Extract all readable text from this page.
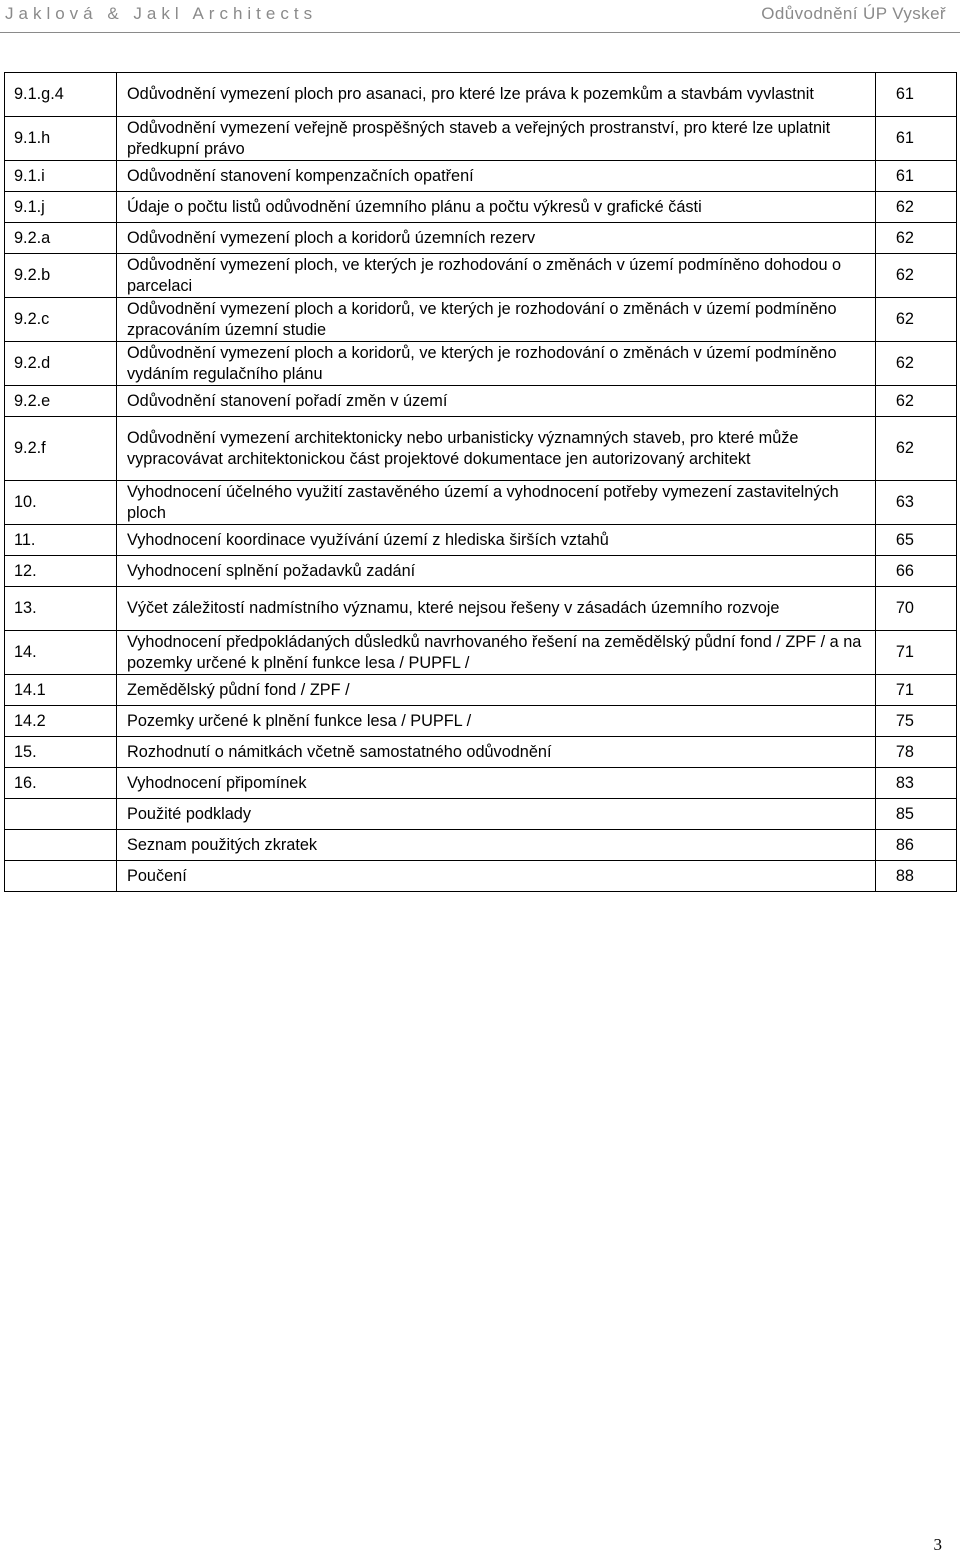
Jaklová & Jakl Architects	Odůvodnění ÚP Vyskeř
9.1.g.4	Odůvodnění vymezení ploch pro asanaci, pro které lze práva k pozemkům a stavbám vyvlastnit	61
9.1.h	Odůvodnění vymezení veřejně prospěšných staveb a veřejných prostranství, pro které lze uplatnit předkupní právo	61
9.1.i	Odůvodnění stanovení kompenzačních opatření	61
9.1.j	Údaje o počtu listů odůvodnění územního plánu a počtu výkresů v grafické části	62
9.2.a	Odůvodnění vymezení ploch a koridorů územních rezerv	62
9.2.b	Odůvodnění vymezení ploch, ve kterých je rozhodování o změnách v území podmíněno dohodou o parcelaci	62
9.2.c	Odůvodnění vymezení ploch a koridorů, ve kterých je rozhodování o změnách v území podmíněno zpracováním územní studie	62
9.2.d	Odůvodnění vymezení ploch a koridorů, ve kterých je rozhodování o změnách v území podmíněno vydáním regulačního plánu	62
9.2.e	Odůvodnění stanovení pořadí změn v území	62
9.2.f	Odůvodnění vymezení architektonicky nebo urbanisticky významných staveb, pro které může vypracovávat architektonickou část projektové dokumentace jen autorizovaný architekt	62
10.	Vyhodnocení účelného využití zastavěného území a vyhodnocení potřeby vymezení zastavitelných ploch	63
11.	Vyhodnocení koordinace využívání území z hlediska širších vztahů	65
12.	Vyhodnocení splnění požadavků zadání	66
13.	Výčet záležitostí nadmístního významu, které nejsou řešeny v zásadách územního rozvoje	70
14.	Vyhodnocení předpokládaných důsledků navrhovaného řešení na zemědělský půdní fond / ZPF / a na pozemky určené k plnění funkce lesa / PUPFL /	71
14.1	Zemědělský půdní fond / ZPF /	71
14.2	Pozemky určené k plnění funkce lesa / PUPFL /	75
15.	Rozhodnutí o námitkách včetně samostatného odůvodnění	78
16.	Vyhodnocení připomínek	83
	Použité podklady	85
	Seznam použitých zkratek	86
	Poučení	88
3
